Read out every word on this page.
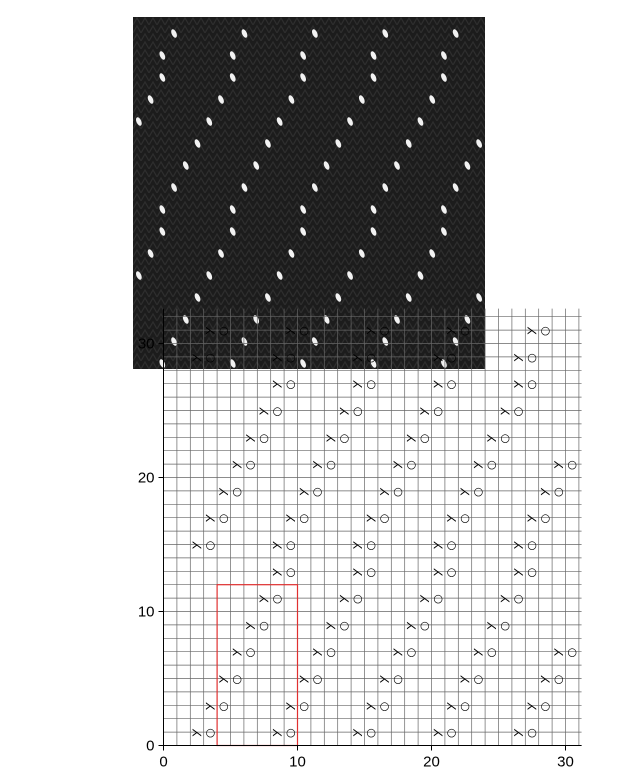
○
⋋	○
⋋	○
⋋	○
⋋	○
⋋
○
⋋	○
⋋	○
⋋	○
⋋	○
⋋
○
⋋	○
⋋	○
⋋	○
⋋	○
⋋
○
⋋	○
⋋	○
⋋	○
⋋	○
⋋
○
⋋	○
⋋	○
⋋	○
⋋
○
⋋	○
⋋	○
⋋	○
⋋
○
⋋	○
⋋	○
⋋	○
⋋
○
⋋	○
⋋	○
⋋	○
⋋	○
⋋
○
⋋	○
⋋	○
⋋	○
⋋	○
⋋
○
⋋	○
⋋	○
⋋	○
⋋	○
⋋
○
⋋	○
⋋	○
⋋	○
⋋	○
⋋
○
⋋	○
⋋	○
⋋	○
⋋
○
⋋	○
⋋	○
⋋	○
⋋
○
⋋	○
⋋	○
⋋	○
⋋
○
⋋	○
⋋	○
⋋	○
⋋	○
⋋
○
⋋	○
⋋	○
⋋	○
⋋	○
⋋
0	10	20	30
0
10
20
30
